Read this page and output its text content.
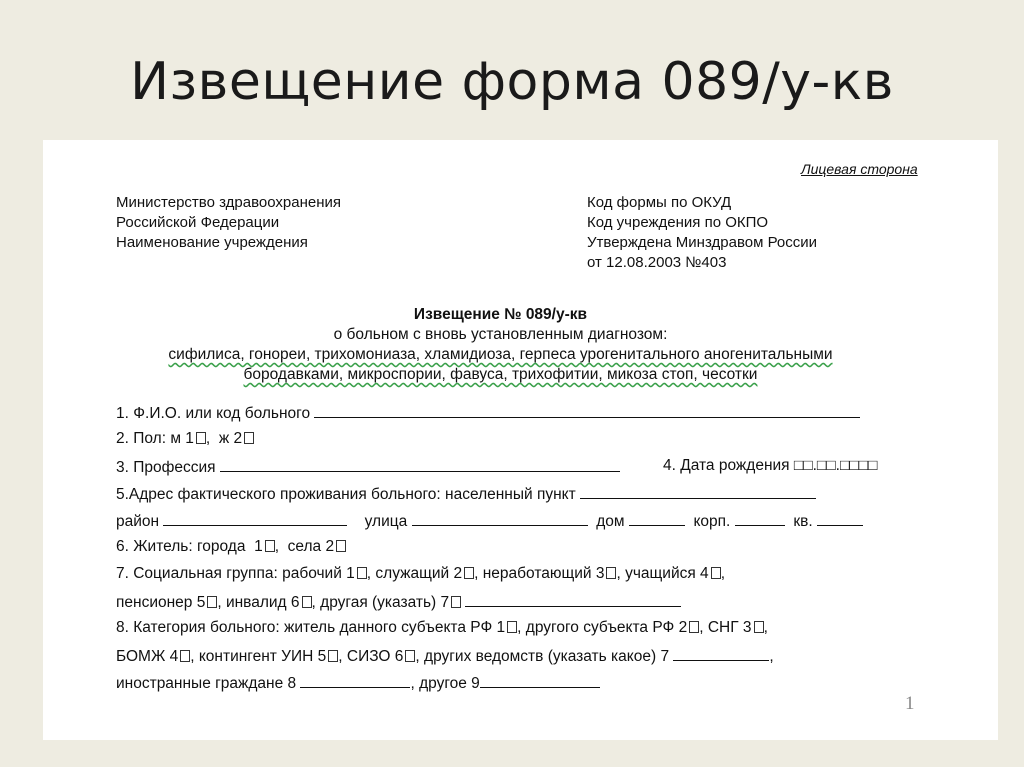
Извещение форма 089/у-кв
Лицевая сторона
Министерство здравоохранения
Российской Федерации
Наименование учреждения
Код формы по ОКУД
Код учреждения по ОКПО
Утверждена Минздравом России
от 12.08.2003 №403
Извещение № 089/у-кв
о больном с вновь установленным диагнозом:
сифилиса, гонореи, трихомониаза, хламидиоза, герпеса урогенитального аногенитальными
бородавками, микроспории, фавуса, трихофитии, микоза стоп, чесотки
1. Ф.И.О. или код больного
2. Пол: м 1 ,  ж 2
3. Профессия	4. Дата рождения □□.□□.□□□□
5.Адрес фактического проживания больного: населенный пункт
район	улица	дом	корп.	кв.
6. Житель: города 1 ,  села 2
7. Социальная группа: рабочий 1 , служащий 2 , неработающий 3 , учащийся 4 ,
пенсионер 5 , инвалид 6 , другая (указать) 7
8. Категория больного: житель данного субъекта РФ 1 , другого субъекта РФ 2 , СНГ 3 ,
БОМЖ 4 , контингент УИН 5 , СИЗО 6 , других ведомств (указать какое) 7	,
иностранные граждане 8	, другое 9
1
